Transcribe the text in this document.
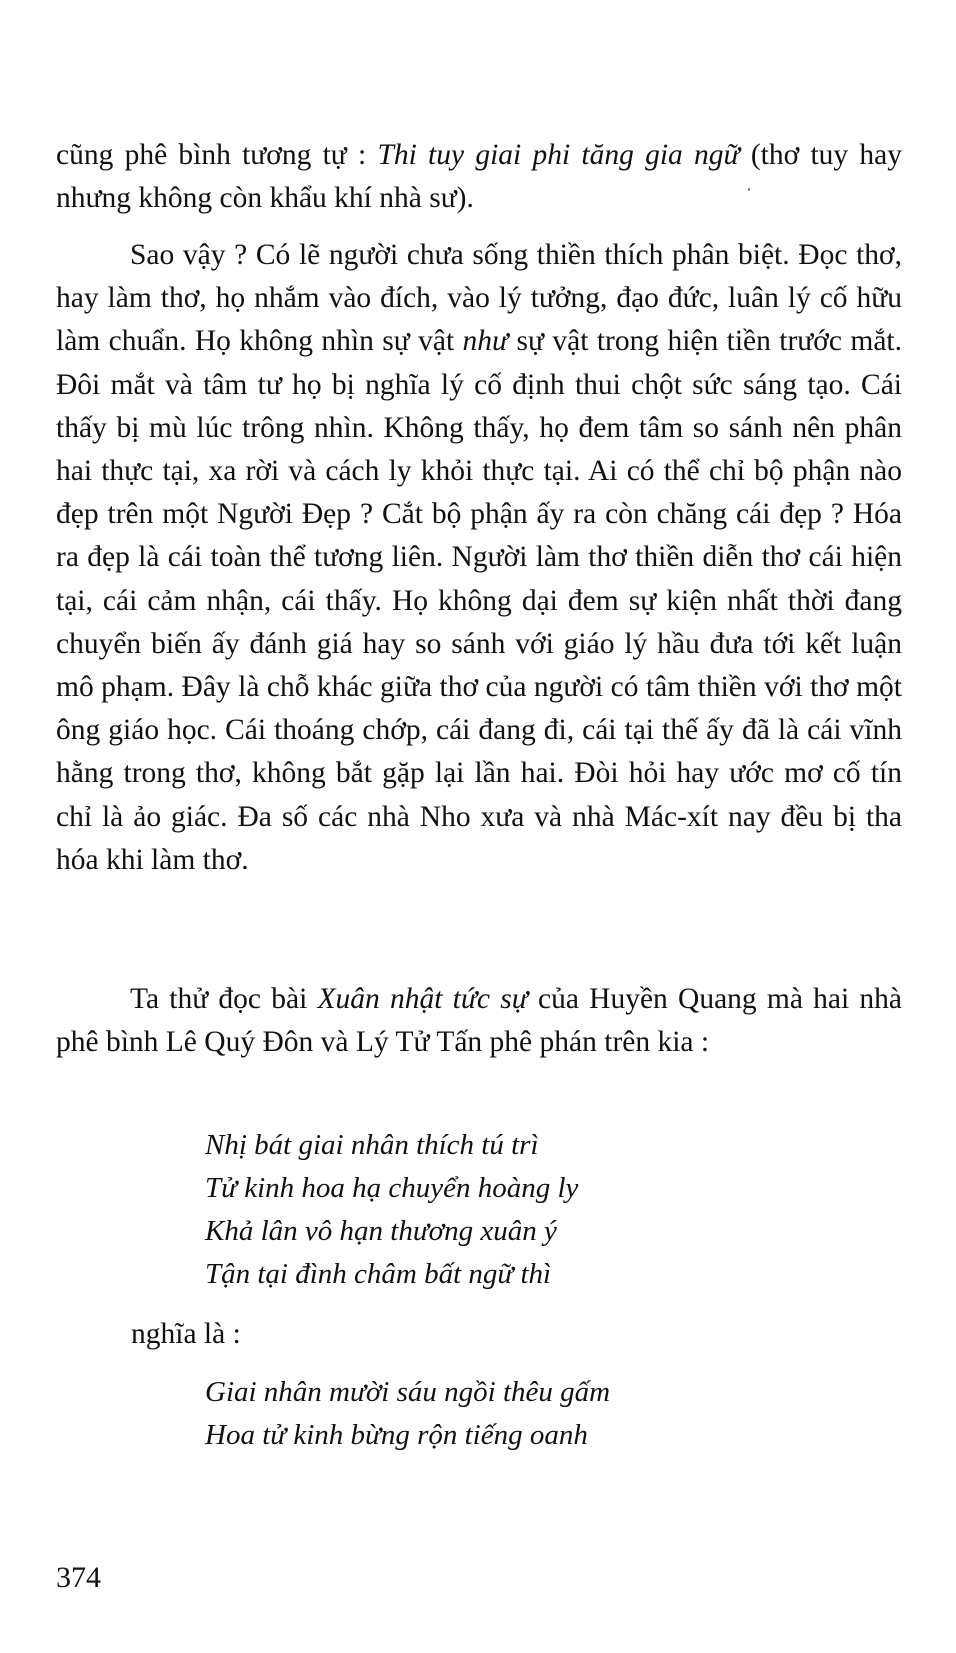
cũng phê bình tương tự : Thi tuy giai phi tăng gia ngữ (thơ tuy hay nhưng không còn khẩu khí nhà sư).

Sao vậy ? Có lẽ người chưa sống thiền thích phân biệt. Đọc thơ, hay làm thơ, họ nhắm vào đích, vào lý tưởng, đạo đức, luân lý cố hữu làm chuẩn. Họ không nhìn sự vật như sự vật trong hiện tiền trước mắt. Đôi mắt và tâm tư họ bị nghĩa lý cố định thui chột sức sáng tạo. Cái thấy bị mù lúc trông nhìn. Không thấy, họ đem tâm so sánh nên phân hai thực tại, xa rời và cách ly khỏi thực tại. Ai có thể chỉ bộ phận nào đẹp trên một Người Đẹp ? Cắt bộ phận ấy ra còn chăng cái đẹp ? Hóa ra đẹp là cái toàn thể tương liên. Người làm thơ thiền diễn thơ cái hiện tại, cái cảm nhận, cái thấy. Họ không dại đem sự kiện nhất thời đang chuyển biến ấy đánh giá hay so sánh với giáo lý hầu đưa tới kết luận mô phạm. Đây là chỗ khác giữa thơ của người có tâm thiền với thơ một ông giáo học. Cái thoáng chớp, cái đang đi, cái tại thế ấy đã là cái vĩnh hằng trong thơ, không bắt gặp lại lần hai. Đòi hỏi hay ước mơ cố tín chỉ là ảo giác. Đa số các nhà Nho xưa và nhà Mác-xít nay đều bị tha hóa khi làm thơ.

Ta thử đọc bài Xuân nhật tức sự của Huyền Quang mà hai nhà phê bình Lê Quý Đôn và Lý Tử Tấn phê phán trên kia :

Nhị bát giai nhân thích tú trì
Tử kinh hoa hạ chuyển hoàng ly
Khả lân vô hạn thương xuân ý
Tận tại đình châm bất ngữ thì
nghĩa là :
Giai nhân mười sáu ngồi thêu gấm
Hoa tử kinh bừng rộn tiếng oanh
374
